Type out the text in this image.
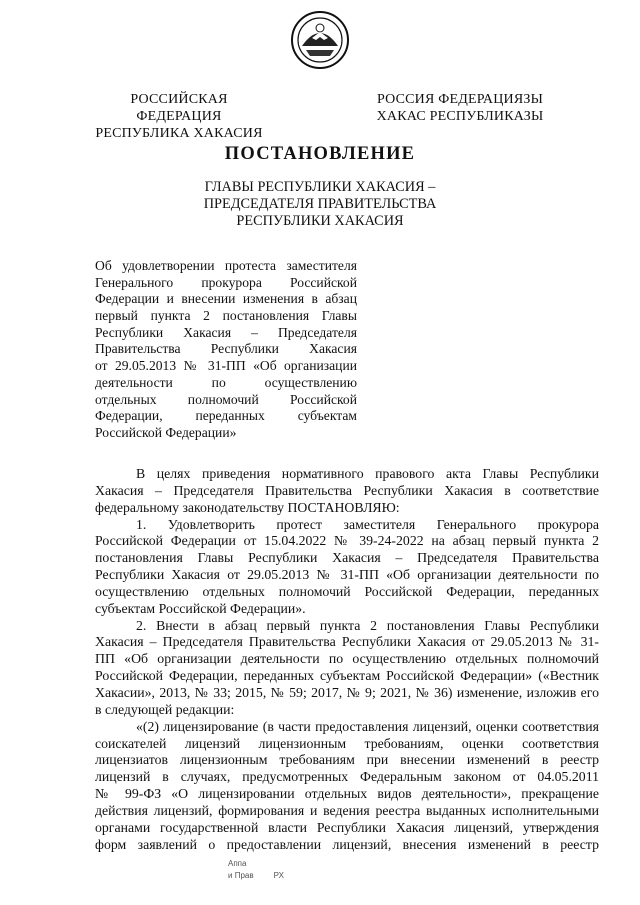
РОССИЙСКАЯ ФЕДЕРАЦИЯ
РЕСПУБЛИКА ХАКАСИЯ
РОССИЯ ФЕДЕРАЦИЯЗЫ
ХАКАС РЕСПУБЛИКАЗЫ
ПОСТАНОВЛЕНИЕ
ГЛАВЫ РЕСПУБЛИКИ ХАКАСИЯ –
ПРЕДСЕДАТЕЛЯ ПРАВИТЕЛЬСТВА
РЕСПУБЛИКИ ХАКАСИЯ
Об удовлетворении протеста заместителя
Генерального прокурора Российской
Федерации и внесении изменения в абзац
первый пункта 2 постановления Главы
Республики Хакасия – Председателя
Правительства Республики Хакасия
от 29.05.2013 № 31-ПП «Об организации
деятельности по осуществлению
отдельных полномочий Российской
Федерации, переданных субъектам
Российской Федерации»
В целях приведения нормативного правового акта Главы Республики
Хакасия – Председателя Правительства Республики Хакасия в соответствие
федеральному законодательству ПОСТАНОВЛЯЮ:
1. Удовлетворить протест заместителя Генерального прокурора
Российской Федерации от 15.04.2022 № 39-24-2022 на абзац первый пункта 2
постановления Главы Республики Хакасия – Председателя Правительства
Республики Хакасия от 29.05.2013 № 31-ПП «Об организации деятельности по
осуществлению отдельных полномочий Российской Федерации, переданных
субъектам Российской Федерации».
2. Внести в абзац первый пункта 2 постановления Главы Республики
Хакасия – Председателя Правительства Республики Хакасия от 29.05.2013 № 31-
ПП «Об организации деятельности по осуществлению отдельных полномочий
Российской Федерации, переданных субъектам Российской Федерации» («Вестник
Хакасии», 2013, № 33; 2015, № 59; 2017, № 9; 2021, № 36) изменение, изложив его
в следующей редакции:
«(2) лицензирование (в части предоставления лицензий, оценки соответствия
соискателей лицензий лицензионным требованиям, оценки соответствия
лицензиатов лицензионным требованиям при внесении изменений в реестр
лицензий в случаях, предусмотренных Федеральным законом от 04.05.2011
№ 99-ФЗ «О лицензировании отдельных видов деятельности», прекращение
действия лицензий, формирования и ведения реестра выданных исполнительными
органами государственной власти Республики Хакасия лицензий, утверждения
форм заявлений о предоставлении лицензий, внесения изменений в реестр
Аппа
и Прав	РХ
